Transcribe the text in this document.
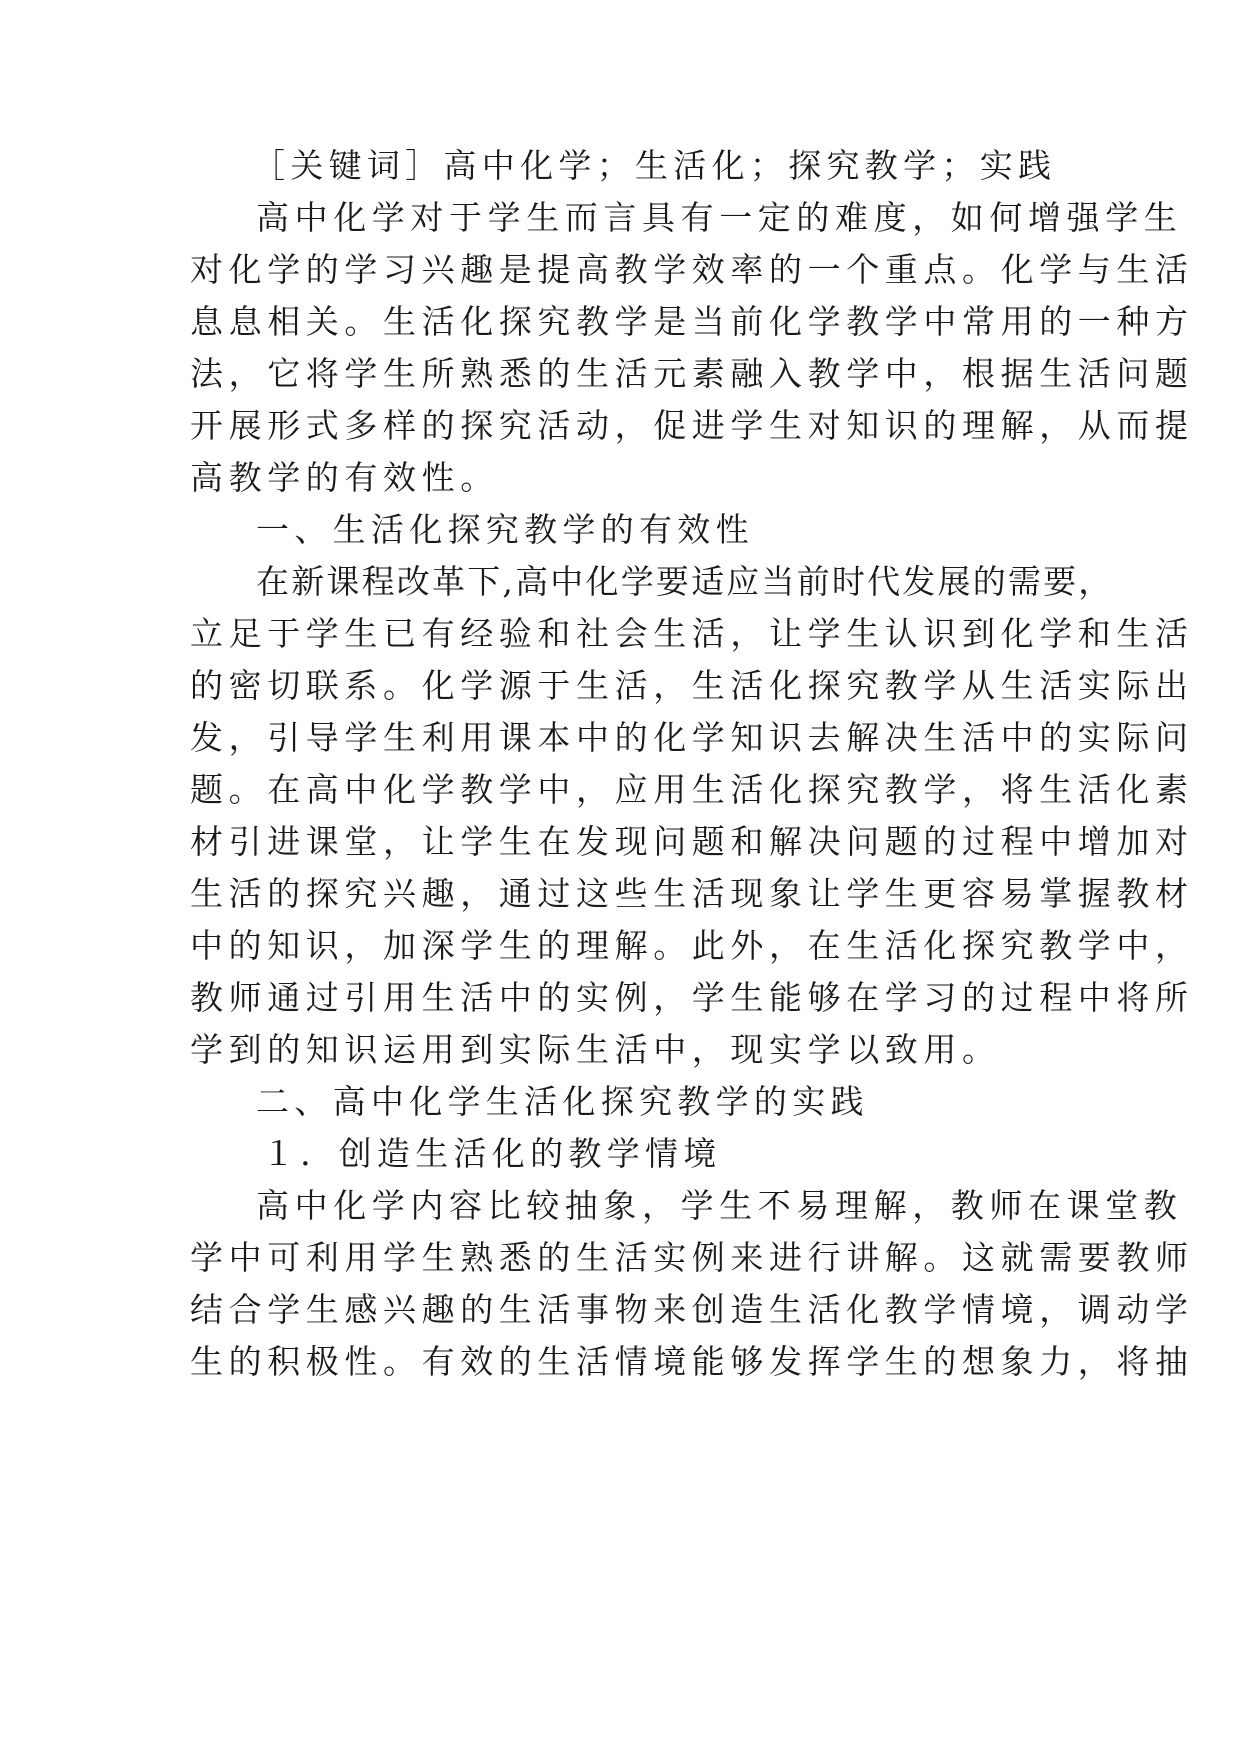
［关键词］高中化学；生活化；探究教学；实践

高中化学对于学生而言具有一定的难度，如何增强学生

对化学的学习兴趣是提高教学效率的一个重点。化学与生活

息息相关。生活化探究教学是当前化学教学中常用的一种方

法，它将学生所熟悉的生活元素融入教学中，根据生活问题

开展形式多样的探究活动，促进学生对知识的理解，从而提

高教学的有效性。

一、生活化探究教学的有效性

在新课程改革下,高中化学要适应当前时代发展的需要，

立足于学生已有经验和社会生活，让学生认识到化学和生活

的密切联系。化学源于生活，生活化探究教学从生活实际出

发，引导学生利用课本中的化学知识去解决生活中的实际问

题。在高中化学教学中，应用生活化探究教学，将生活化素

材引进课堂，让学生在发现问题和解决问题的过程中增加对

生活的探究兴趣，通过这些生活现象让学生更容易掌握教材

中的知识，加深学生的理解。此外，在生活化探究教学中，

教师通过引用生活中的实例，学生能够在学习的过程中将所

学到的知识运用到实际生活中，现实学以致用。

二、高中化学生活化探究教学的实践

１．创造生活化的教学情境

高中化学内容比较抽象，学生不易理解，教师在课堂教

学中可利用学生熟悉的生活实例来进行讲解。这就需要教师

结合学生感兴趣的生活事物来创造生活化教学情境，调动学

生的积极性。有效的生活情境能够发挥学生的想象力，将抽
